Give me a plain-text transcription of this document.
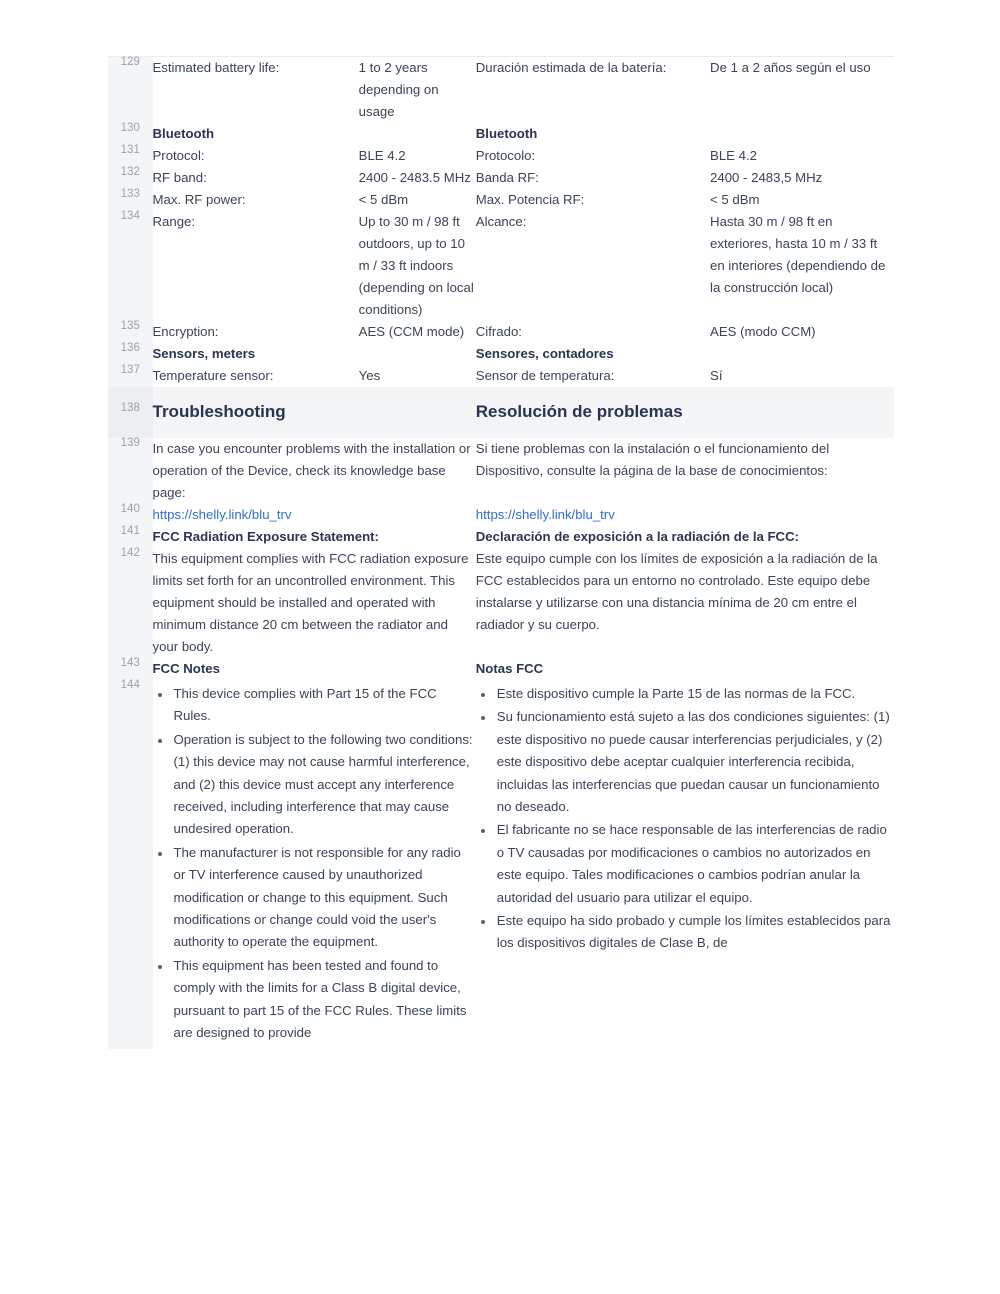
129	Estimated battery life:	1 to 2 years depending on usage	Duración estimada de la batería:	De 1 a 2 años según el uso
130	Bluetooth		Bluetooth	
131	Protocol:	BLE 4.2	Protocolo:	BLE 4.2
132	RF band:	2400 - 2483.5 MHz	Banda RF:	2400 - 2483,5 MHz
133	Max. RF power:	< 5 dBm	Max. Potencia RF:	< 5 dBm
134	Range:	Up to 30 m / 98 ft outdoors, up to 10 m / 33 ft indoors (depending on local conditions)	Alcance:	Hasta 30 m / 98 ft en exteriores, hasta 10 m / 33 ft en interiores (dependiendo de la construcción local)
135	Encryption:	AES (CCM mode)	Cifrado:	AES (modo CCM)
136	Sensors, meters		Sensores, contadores	
137	Temperature sensor:	Yes	Sensor de temperatura:	Sí
138	Troubleshooting		Resolución de problemas	
139	In case you encounter problems with the installation or operation of the Device, check its knowledge base page:		Si tiene problemas con la instalación o el funcionamiento del Dispositivo, consulte la página de la base de conocimientos:	
140	https://shelly.link/blu_trv		https://shelly.link/blu_trv	
141	FCC Radiation Exposure Statement:		Declaración de exposición a la radiación de la FCC:	
142	This equipment complies with FCC radiation exposure limits set forth for an uncontrolled environment. This equipment should be installed and operated with minimum distance 20 cm between the radiator and your body.	Este equipo cumple con los límites de exposición a la radiación de la FCC establecidos para un entorno no controlado. Este equipo debe instalarse y utilizarse con una distancia mínima de 20 cm entre el radiador y su cuerpo.
143	FCC Notes		Notas FCC	
144	
• This device complies with Part 15 of the FCC Rules.
• Operation is subject to the following two conditions: (1) this device may not cause harmful interference, and (2) this device must accept any interference received, including interference that may cause undesired operation.
• The manufacturer is not responsible for any radio or TV interference caused by unauthorized modification or change to this equipment. Such modifications or change could void the user's authority to operate the equipment.
• This equipment has been tested and found to comply with the limits for a Class B digital device, pursuant to part 15 of the FCC Rules. These limits are designed to provide

• Este dispositivo cumple la Parte 15 de las normas de la FCC.
• Su funcionamiento está sujeto a las dos condiciones siguientes: (1) este dispositivo no puede causar interferencias perjudiciales, y (2) este dispositivo debe aceptar cualquier interferencia recibida, incluidas las interferencias que puedan causar un funcionamiento no deseado.
• El fabricante no se hace responsable de las interferencias de radio o TV causadas por modificaciones o cambios no autorizados en este equipo. Tales modificaciones o cambios podrían anular la autoridad del usuario para utilizar el equipo.
• Este equipo ha sido probado y cumple los límites establecidos para los dispositivos digitales de Clase B, de
